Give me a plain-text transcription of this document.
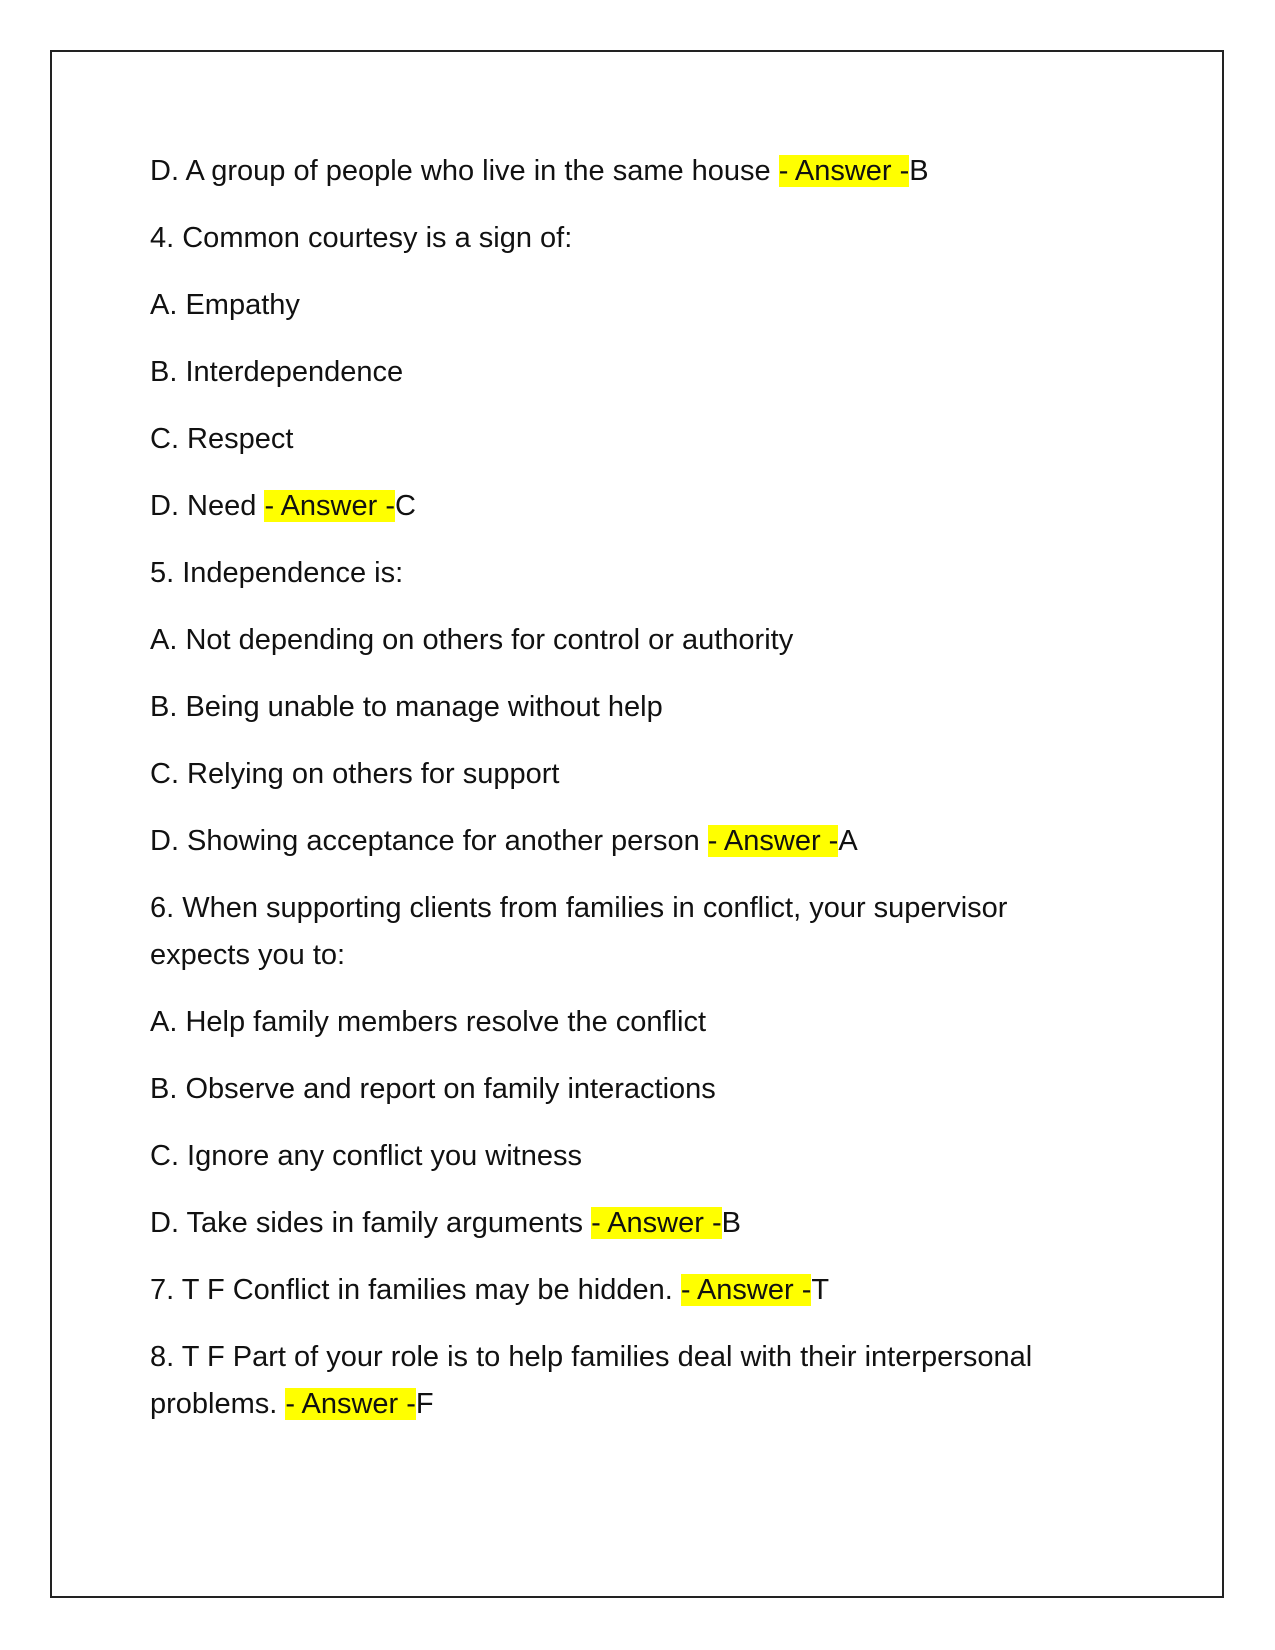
D. A group of people who live in the same house - Answer -B

4. Common courtesy is a sign of:

A. Empathy

B. Interdependence

C. Respect

D. Need - Answer -C

5. Independence is:

A. Not depending on others for control or authority

B. Being unable to manage without help

C. Relying on others for support

D. Showing acceptance for another person - Answer -A

6. When supporting clients from families in conflict, your supervisor expects you to:

A. Help family members resolve the conflict

B. Observe and report on family interactions

C. Ignore any conflict you witness

D. Take sides in family arguments - Answer -B

7. T F Conflict in families may be hidden. - Answer -T

8. T F Part of your role is to help families deal with their interpersonal problems. - Answer -F
